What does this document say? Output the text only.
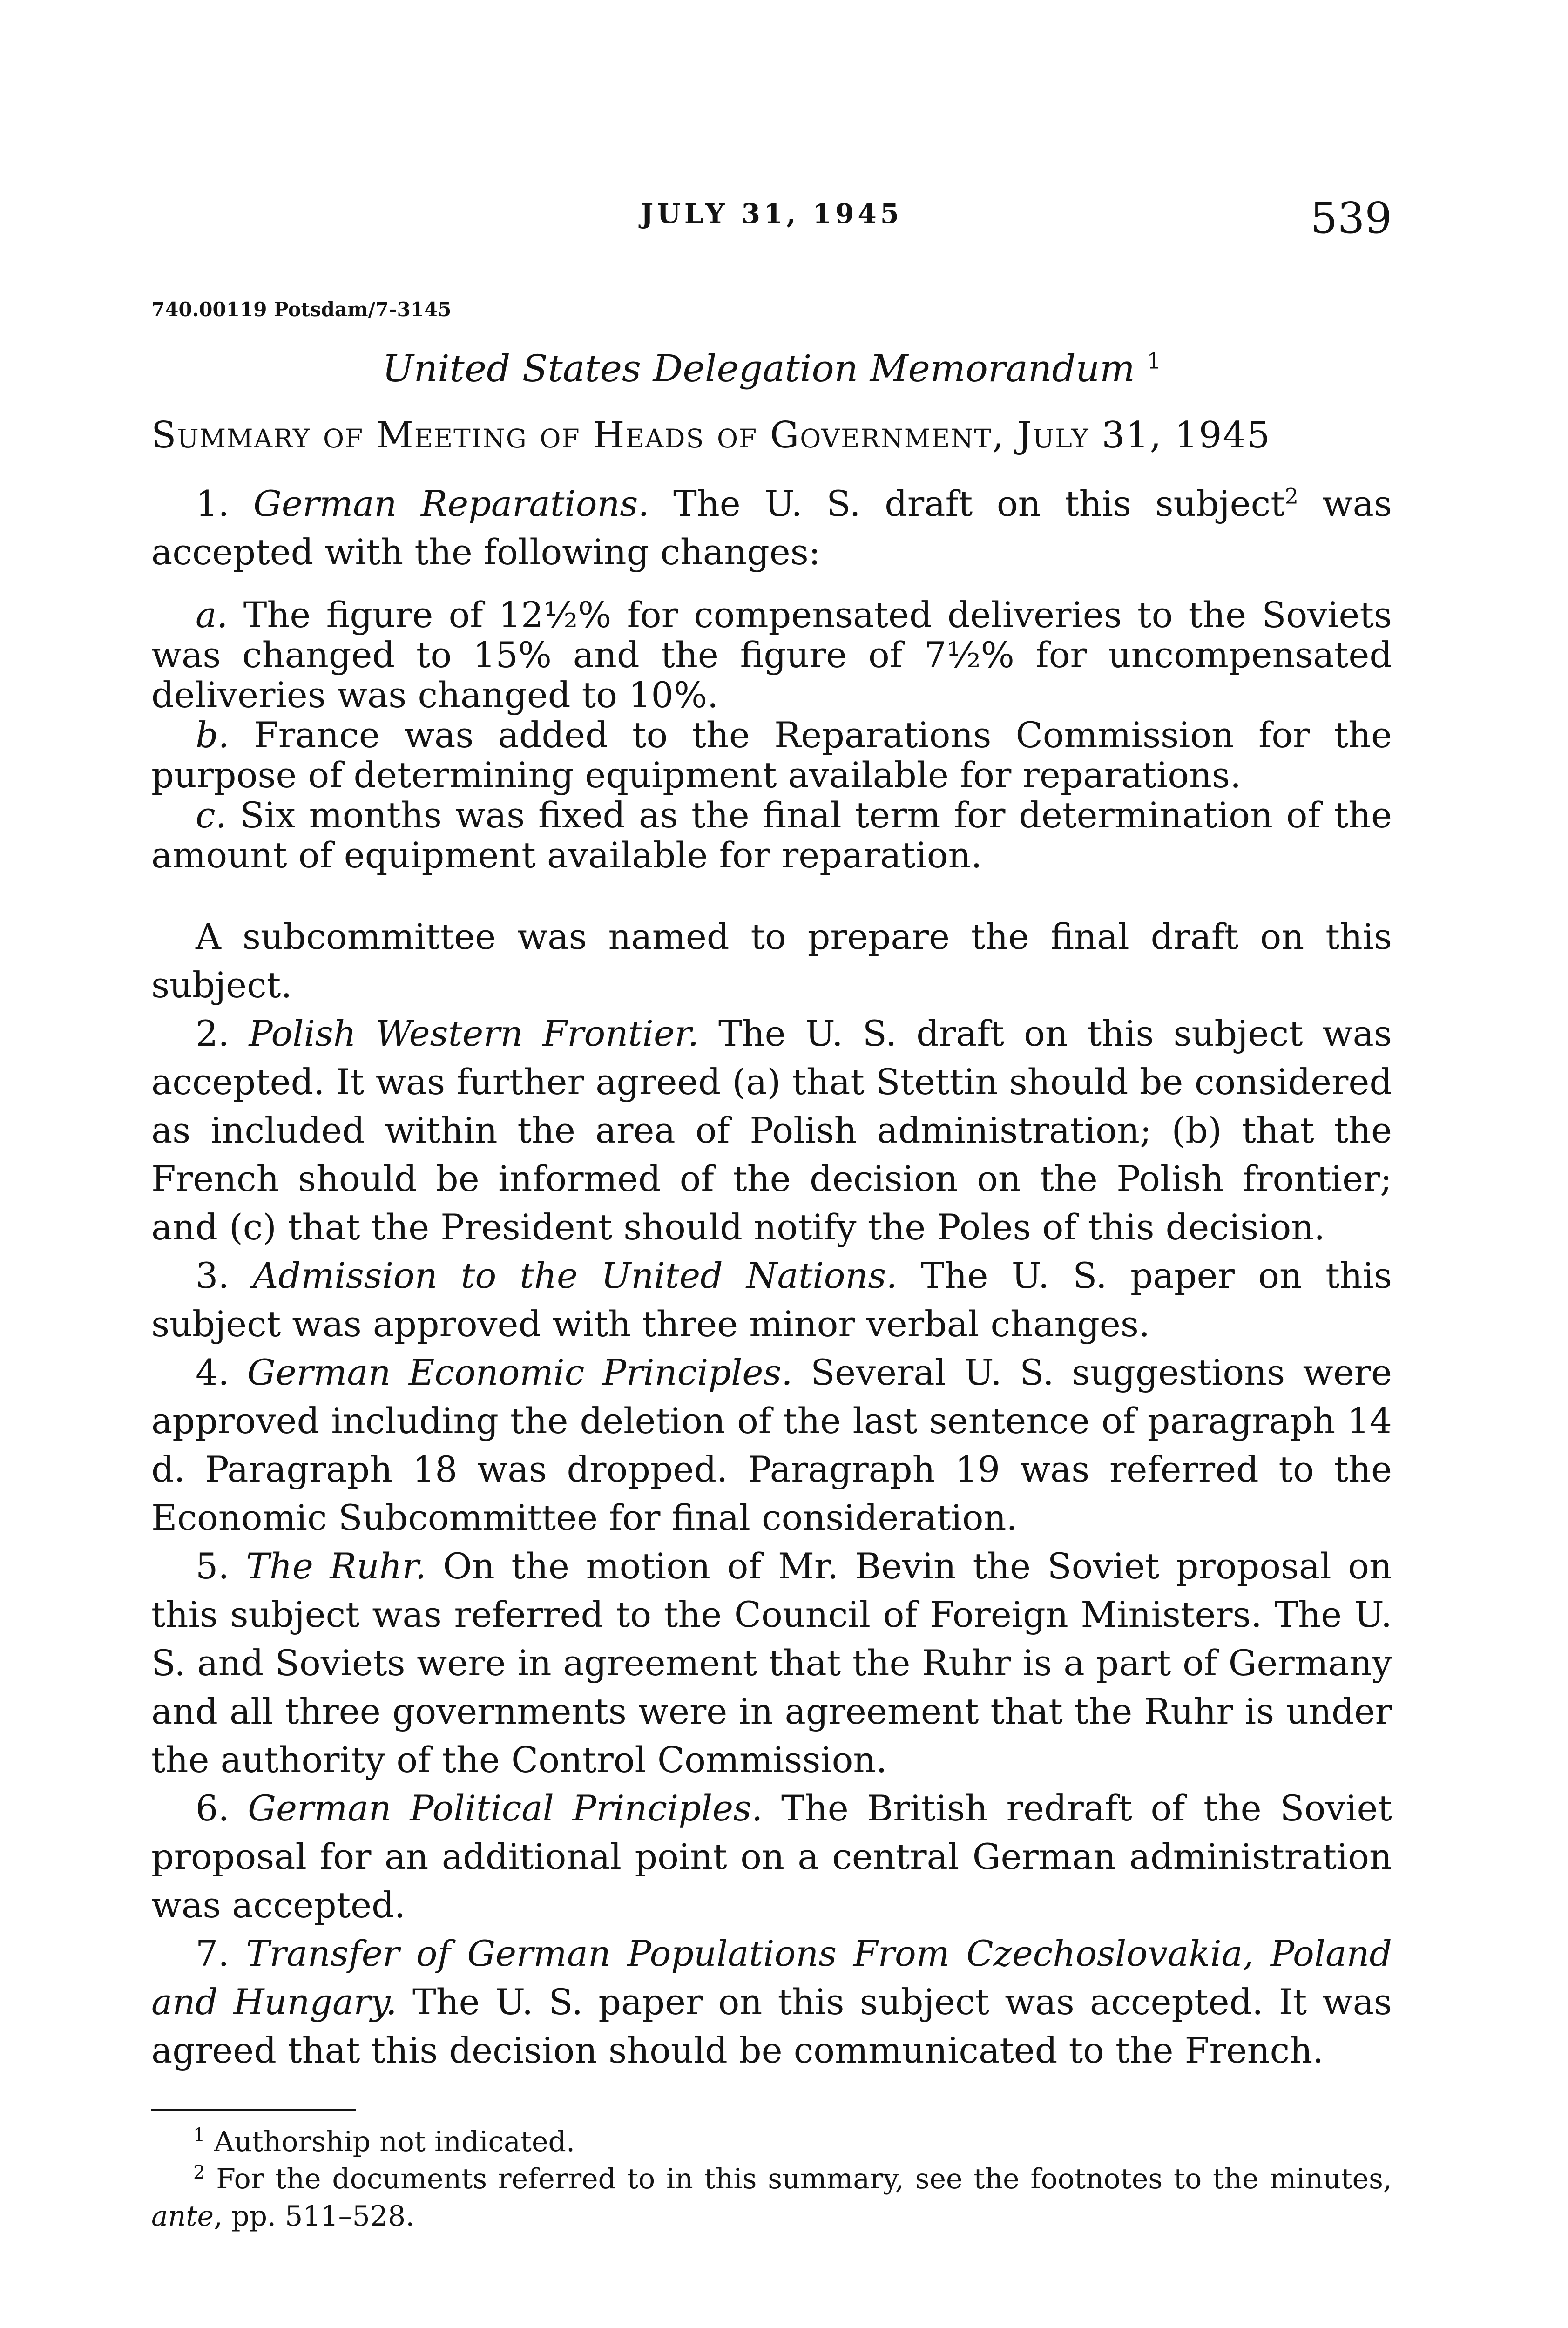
JULY 31, 1945	539
740.00119 Potsdam/7-3145
United States Delegation Memorandum $^1$
Summary of Meeting of Heads of Government, July 31, 1945

1. German Reparations. The U. S. draft on this subject$^2$ was accepted with the following changes:

a. The figure of 12½% for compensated deliveries to the Soviets was changed to 15% and the figure of 7½% for uncompensated deliveries was changed to 10%.

b. France was added to the Reparations Commission for the purpose of determining equipment available for reparations.

c. Six months was fixed as the final term for determination of the amount of equipment available for reparation.

A subcommittee was named to prepare the final draft on this subject.

2. Polish Western Frontier. The U. S. draft on this subject was accepted. It was further agreed (a) that Stettin should be considered as included within the area of Polish administration; (b) that the French should be informed of the decision on the Polish frontier; and (c) that the President should notify the Poles of this decision.

3. Admission to the United Nations. The U. S. paper on this subject was approved with three minor verbal changes.

4. German Economic Principles. Several U. S. suggestions were approved including the deletion of the last sentence of paragraph 14 d. Paragraph 18 was dropped. Paragraph 19 was referred to the Economic Subcommittee for final consideration.

5. The Ruhr. On the motion of Mr. Bevin the Soviet proposal on this subject was referred to the Council of Foreign Ministers. The U. S. and Soviets were in agreement that the Ruhr is a part of Germany and all three governments were in agreement that the Ruhr is under the authority of the Control Commission.

6. German Political Principles. The British redraft of the Soviet proposal for an additional point on a central German administration was accepted.

7. Transfer of German Populations From Czechoslovakia, Poland and Hungary. The U. S. paper on this subject was accepted. It was agreed that this decision should be communicated to the French.

$^1$ Authorship not indicated.

$^2$ For the documents referred to in this summary, see the footnotes to the minutes, ante, pp. 511–528.
